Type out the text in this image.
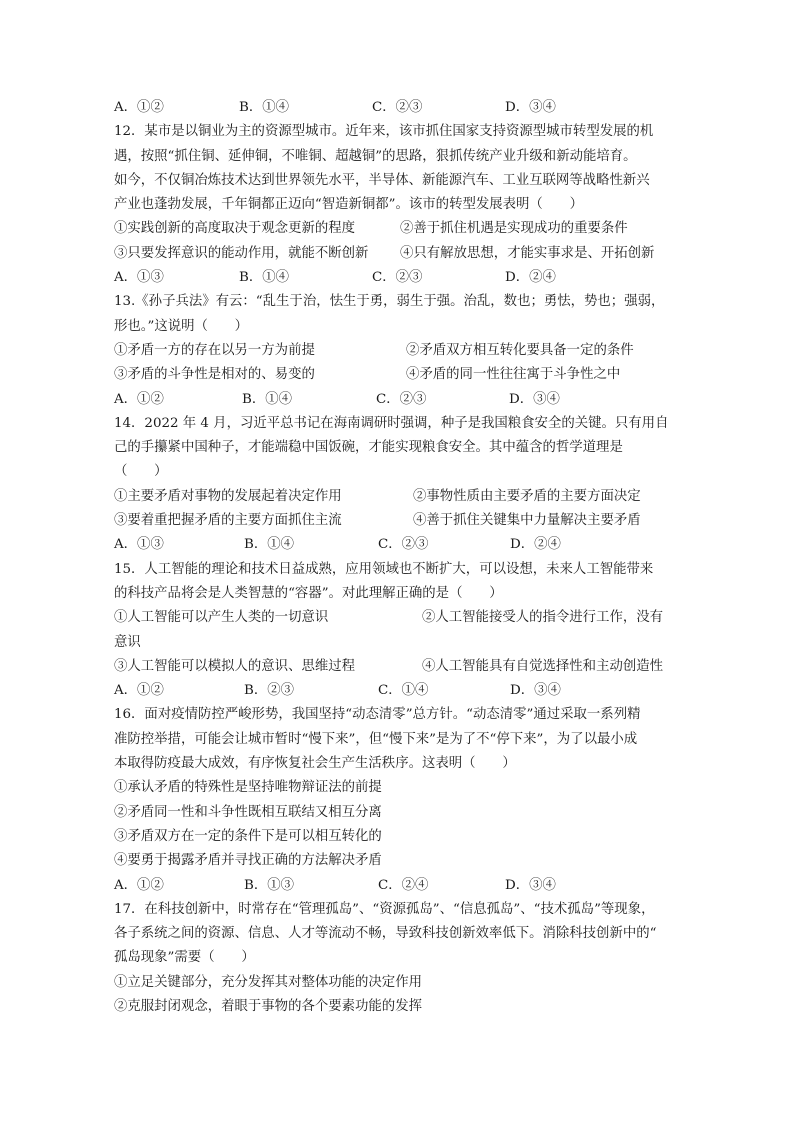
A．①②	B．①④	C．②③	D．③④
12．某市是以铜业为主的资源型城市。近年来，该市抓住国家支持资源型城市转型发展的机
遇，按照“抓住铜、延伸铜，不唯铜、超越铜”的思路，狠抓传统产业升级和新动能培育。
如今，不仅铜冶炼技术达到世界领先水平，半导体、新能源汽车、工业互联网等战略性新兴
产业也蓬勃发展，千年铜都正迈向“智造新铜都”。该市的转型发展表明（　　）
①实践创新的高度取决于观念更新的程度	②善于抓住机遇是实现成功的重要条件
③只要发挥意识的能动作用，就能不断创新 ④只有解放思想，才能实事求是、开拓创新
A．①③	B．①④	C．②③	D．②④
13.《孙子兵法》有云：“乱生于治，怯生于勇，弱生于强。治乱，数也；勇怯，势也；强弱，
形也。”这说明（　　）
①矛盾一方的存在以另一方为前提	②矛盾双方相互转化要具备一定的条件
③矛盾的斗争性是相对的、易变的	④矛盾的同一性往往寓于斗争性之中
A．①②	B．①④	C．②③	D．③④
14．2022 年 4 月，习近平总书记在海南调研时强调，种子是我国粮食安全的关键。只有用自
己的手攥紧中国种子，才能端稳中国饭碗，才能实现粮食安全。其中蕴含的哲学道理是
（　　）
①主要矛盾对事物的发展起着决定作用	②事物性质由主要矛盾的主要方面决定
③要着重把握矛盾的主要方面抓住主流	④善于抓住关键集中力量解决主要矛盾
A．①③	B．①④	C．②③	D．②④
15．人工智能的理论和技术日益成熟，应用领域也不断扩大，可以设想，未来人工智能带来
的科技产品将会是人类智慧的“容器”。对此理解正确的是（　　）
①人工智能可以产生人类的一切意识	②人工智能接受人的指令进行工作，没有
意识
③人工智能可以模拟人的意识、思维过程	④人工智能具有自觉选择性和主动创造性
A．①②	B．②③	C．①④	D．③④
16．面对疫情防控严峻形势，我国坚持“动态清零”总方针。“动态清零”通过采取一系列精
准防控举措，可能会让城市暂时“慢下来”，但“慢下来”是为了不“停下来”，为了以最小成
本取得防疫最大成效，有序恢复社会生产生活秩序。这表明（　　）
①承认矛盾的特殊性是坚持唯物辩证法的前提
②矛盾同一性和斗争性既相互联结又相互分离
③矛盾双方在一定的条件下是可以相互转化的
④要勇于揭露矛盾并寻找正确的方法解决矛盾
A．①②	B．①③	C．②④	D．③④
17．在科技创新中，时常存在“管理孤岛”、“资源孤岛”、“信息孤岛”、“技术孤岛”等现象，
各子系统之间的资源、信息、人才等流动不畅，导致科技创新效率低下。消除科技创新中的“
孤岛现象”需要（　　）
①立足关键部分，充分发挥其对整体功能的决定作用
②克服封闭观念，着眼于事物的各个要素功能的发挥
